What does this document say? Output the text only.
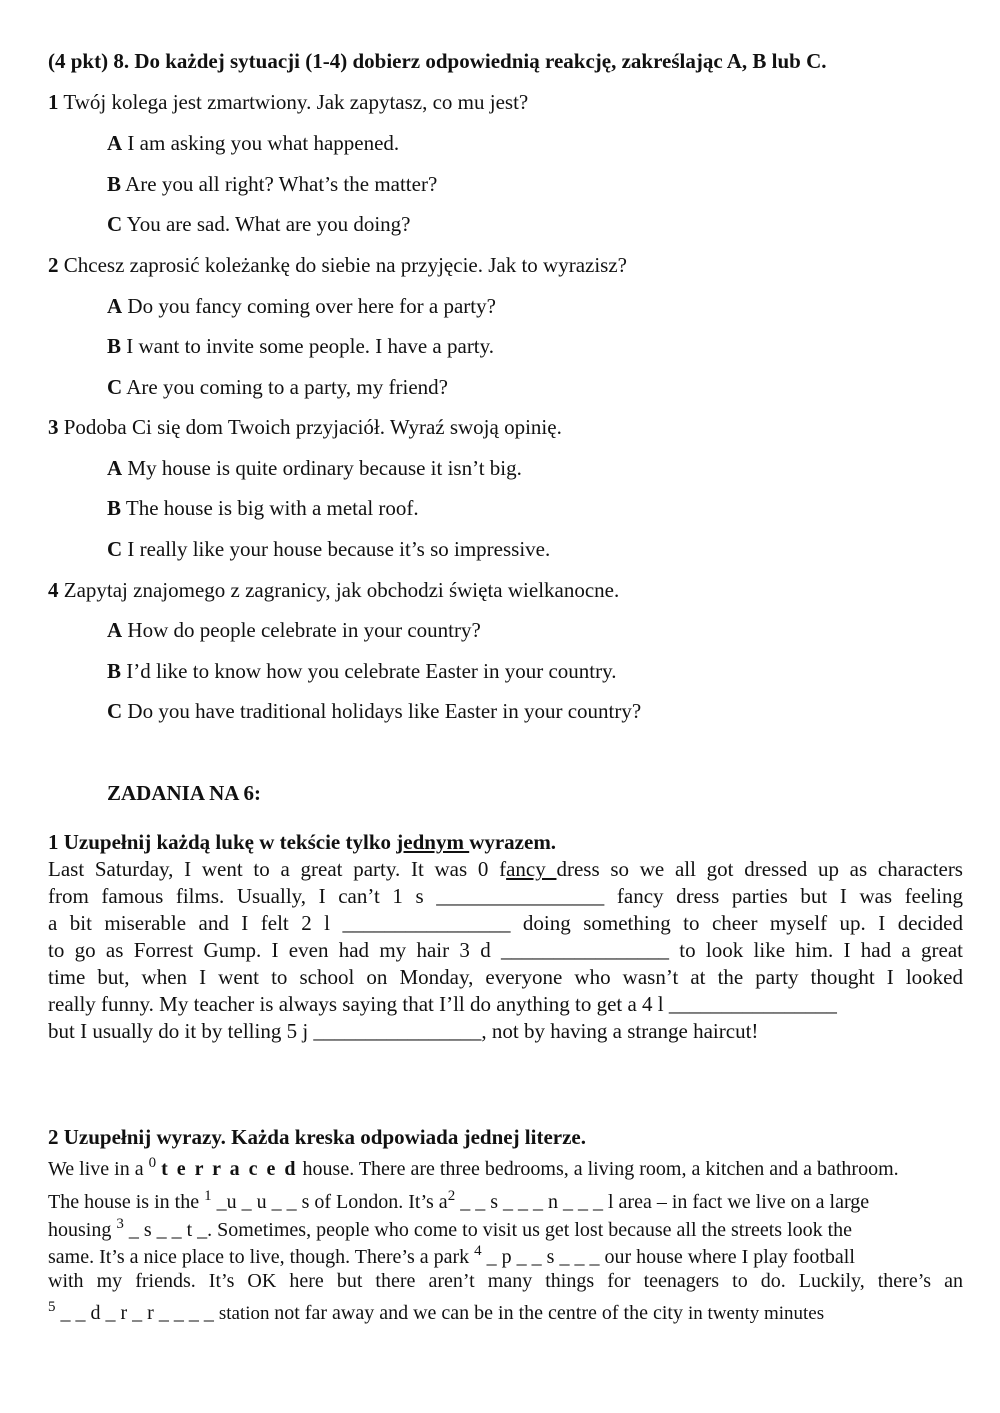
(4 pkt) 8. Do każdej sytuacji (1-4) dobierz odpowiednią reakcję, zakreślając A, B lub C.
1 Twój kolega jest zmartwiony. Jak zapytasz, co mu jest?
A I am asking you what happened.
B Are you all right? What’s the matter?
C You are sad. What are you doing?
2 Chcesz zaprosić koleżankę do siebie na przyjęcie. Jak to wyrazisz?
A Do you fancy coming over here for a party?
B I want to invite some people. I have a party.
C Are you coming to a party, my friend?
3 Podoba Ci się dom Twoich przyjaciół. Wyraź swoją opinię.
A My house is quite ordinary because it isn’t big.
B The house is big with a metal roof.
C I really like your house because it’s so impressive.
4 Zapytaj znajomego z zagranicy, jak obchodzi święta wielkanocne.
A How do people celebrate in your country?
B I’d like to know how you celebrate Easter in your country.
C Do you have traditional holidays like Easter in your country?
ZADANIA NA 6:
1 Uzupełnij każdą lukę w tekście tylko jednym wyrazem.
Last Saturday, I went to a great party. It was 0 fancy dress so we all got dressed up as characters
from famous films. Usually, I can’t 1 s ________________ fancy dress parties but I was feeling
a bit miserable and I felt 2 l ________________ doing something to cheer myself up. I decided
to go as Forrest Gump. I even had my hair 3 d ________________ to look like him. I had a great
time but, when I went to school on Monday, everyone who wasn’t at the party thought I looked
really funny. My teacher is always saying that I’ll do anything to get a 4 l ________________
but I usually do it by telling 5 j ________________, not by having a strange haircut!
2 Uzupełnij wyrazy. Każda kreska odpowiada jednej literze.
We live in a $^0$ t e r r a c e d house. There are three bedrooms, a living room, a kitchen and a bathroom.
The house is in the $^1$ _u _ u _ _ s of London. It’s $a^2$ _ _ s _ _ _ n _ _ _ l area – in fact we live on a large
housing $^3$ _ s _ _ t _. Sometimes, people who come to visit us get lost because all the streets look the
same. It’s a nice place to live, though. There’s a park $^4$ _ p _ _ s _ _ _ our house where I play football
with my friends. It’s OK here but there aren’t many things for teenagers to do. Luckily, there’s an
$^5$ _ _ d _ r _ r _ _ _ _ station not far away and we can be in the centre of the city in twenty minutes
